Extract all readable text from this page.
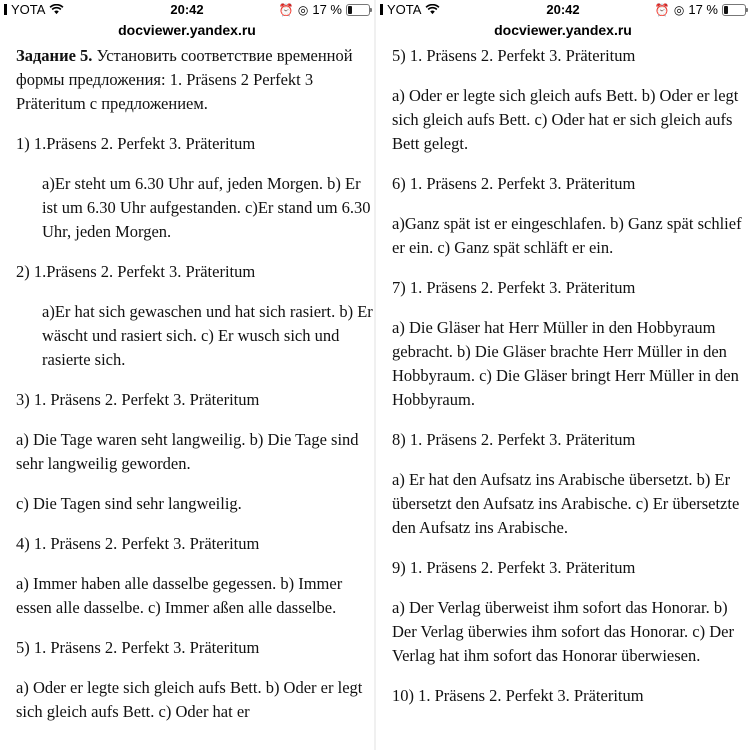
YOTA	20:42	⏰ ◎ 17 %
docviewer.yandex.ru

Задание 5. Установить соответствие временной формы предложения: 1. Präsens 2 Perfekt 3 Präteritum с предложением.

1) 1.Präsens 2. Perfekt 3. Präteritum

a)Er steht um 6.30 Uhr auf, jeden Morgen. b) Er ist um 6.30 Uhr aufgestanden. c)Er stand um 6.30 Uhr, jeden Morgen.

2) 1.Präsens 2. Perfekt 3. Präteritum

a)Er hat sich gewaschen und hat sich rasiert. b) Er wäscht und rasiert sich. c) Er wusch sich und rasierte sich.

3) 1. Präsens 2. Perfekt 3. Präteritum

a) Die Tage waren seht langweilig. b) Die Tage sind sehr langweilig geworden.

c) Die Tagen sind sehr langweilig.

4) 1. Präsens 2. Perfekt 3. Präteritum

a) Immer haben alle dasselbe gegessen. b) Immer essen alle dasselbe. c) Immer aßen alle dasselbe.

5) 1. Präsens 2. Perfekt 3. Präteritum

a) Oder er legte sich gleich aufs Bett. b) Oder er legt sich gleich aufs Bett. c) Oder hat er

YOTA	20:42	⏰ ◎ 17 %
docviewer.yandex.ru

5) 1. Präsens 2. Perfekt 3. Präteritum

a) Oder er legte sich gleich aufs Bett. b) Oder er legt sich gleich aufs Bett. c) Oder hat er sich gleich aufs Bett gelegt.

6) 1. Präsens 2. Perfekt 3. Präteritum

a)Ganz spät ist er eingeschlafen. b) Ganz spät schlief er ein. c) Ganz spät schläft er ein.

7) 1. Präsens 2. Perfekt 3. Präteritum

a) Die Gläser hat Herr Müller in den Hobbyraum gebracht. b) Die Gläser brachte Herr Müller in den Hobbyraum. c) Die Gläser bringt Herr Müller in den Hobbyraum.

8) 1. Präsens 2. Perfekt 3. Präteritum

a) Er hat den Aufsatz ins Arabische übersetzt. b) Er übersetzt den Aufsatz ins Arabische. c) Er übersetzte den Aufsatz ins Arabische.

9) 1. Präsens 2. Perfekt 3. Präteritum

a) Der Verlag überweist ihm sofort das Honorar. b) Der Verlag überwies ihm sofort das Honorar. c) Der Verlag hat ihm sofort das Honorar überwiesen.

10) 1. Präsens 2. Perfekt 3. Präteritum
